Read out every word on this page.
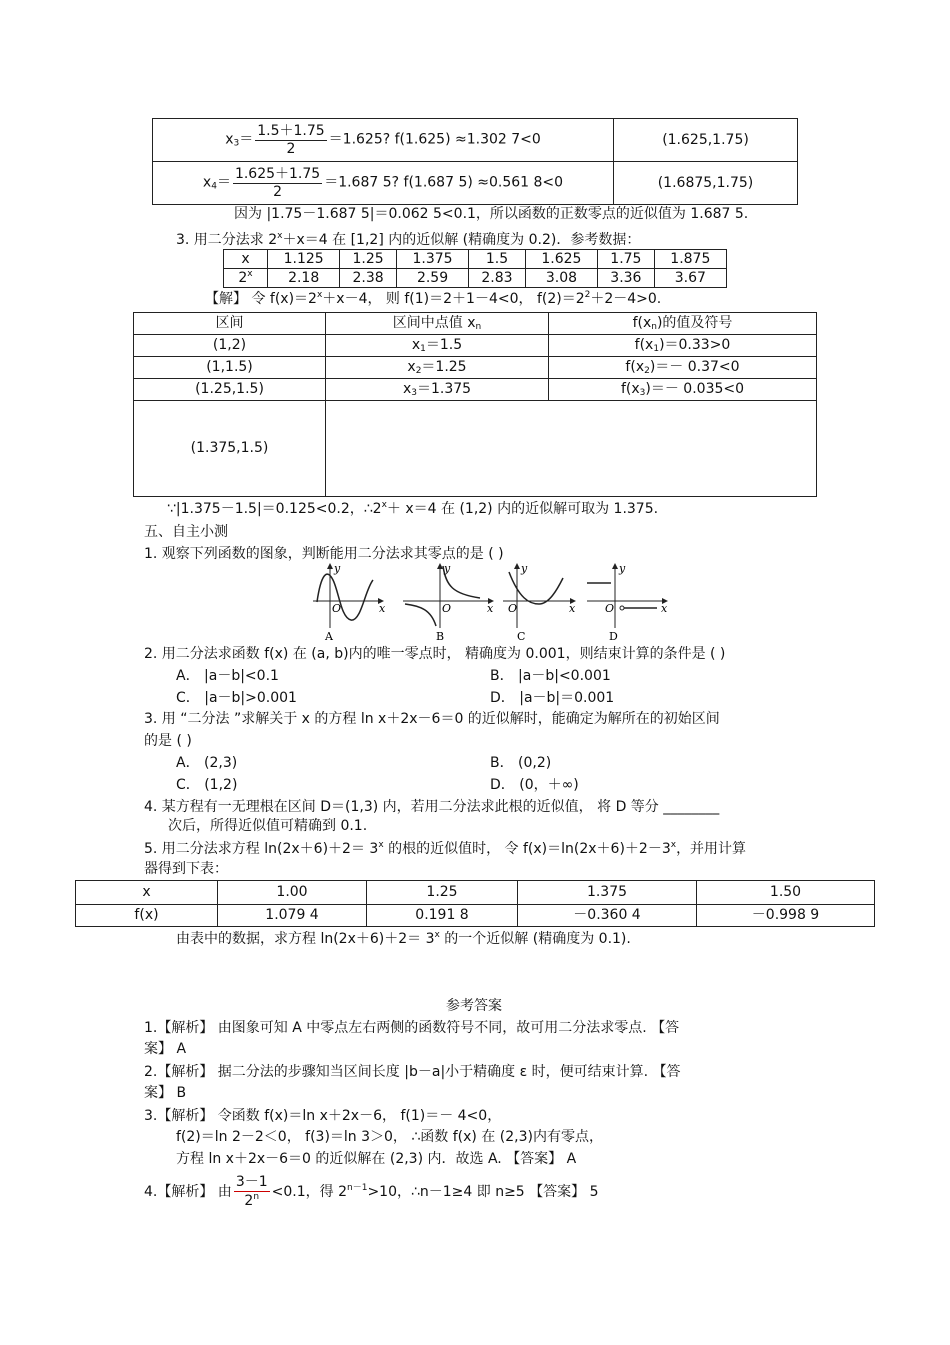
$x_3= \frac{1.5+1.75}{2} =1.625$? f(1.625) ≈1.302 7<0	(1.625,1.75)
$x_4= \frac{1.625+1.75}{2} =1.687$ 5? f(1.687 5) ≈0.561 8<0	(1.6875,1.75)
因为 |1.75－1.687 5|＝0.062 5<0.1，所以函数的正数零点的近似值为 1.687 5.
3. 用二分法求 $2^x+x=4$ 在 [1,2] 内的近似解 (精确度为 0.2)．参考数据：
x	1.125	1.25	1.375	1.5	1.625	1.75	1.875
2$^x$	2.18	2.38	2.59	2.83	3.08	3.36	3.67
【解】 令 $f(x)=2^x+x-4$， 则 f(1)＝2＋1－4<0， $f(2)=2^2+2-4>0$.
区间	区间中点值 $x_n$	$f(x_n)$的值及符号
(1,2)	$x_1=1.5$	$f(x_1)=0.33>0$
(1,1.5)	$x_2=1.25$	$f(x_2)=- 0.37<0$
(1.25,1.5)	$x_3=1.375$	$f(x_3)=- 0.035<0$
(1.375,1.5)		
∵|1.375－1.5|＝0.125<0.2，$\therefore 2^x+ x=4$ 在 (1,2) 内的近似解可取为 1.375.
五、自主小测
1. 观察下列函数的图象，判断能用二分法求其零点的是 ( )
y
x
O
A
y
x
O
B
y
x
O
C
y
x
O
D
2. 用二分法求函数 f(x) 在 (a, b)内的唯一零点时， 精确度为 0.001，则结束计算的条件是 ( )
A． |a－b|<0.1	B． |a－b|<0.001
C． |a－b|>0.001	D． |a－b|＝0.001
3. 用 “二分法 ”求解关于 x 的方程 ln x＋2x－6＝0 的近似解时，能确定为解所在的初始区间
的是 ( )
A． (2,3)	B． (0,2)
C． (1,2)	D． (0，＋∞)
4. 某方程有一无理根在区间 D＝(1,3) 内，若用二分法求此根的近似值， 将 D 等分 ________
次后，所得近似值可精确到 0.1.
5. 用二分法求方程 $\ln(2x+6)+2= 3^x$ 的根的近似值时， 令 $f(x)=\ln(2x+6)+2-3^x$，并用计算
器得到下表：
x	1.00	1.25	1.375	1.50
f(x)	1.079 4	0.191 8	－0.360 4	－0.998 9
由表中的数据，求方程 $\ln(2x+6)+2= 3^x$ 的一个近似解 (精确度为 0.1).
参考答案
1.【解析】 由图象可知 A 中零点左右两侧的函数符号不同，故可用二分法求零点. 【答
案】 A
2.【解析】 据二分法的步骤知当区间长度 |b－a|小于精确度 ε 时，便可结束计算. 【答
案】 B
3.【解析】 令函数 f(x)＝ln x＋2x－6， f(1)＝－ 4<0，
f(2)＝ln 2－2＜0， f(3)＝ln 3＞0， ∴函数 f(x) 在 (2,3)内有零点，
方程 ln x＋2x－6＝0 的近似解在 (2,3) 内．故选 A. 【答案】 A
4.【解析】 由 $\frac{3-1}{2^n} <0.1$，得 $2^{n-1}>10$，∴n－1≥4 即 n≥5 【答案】 5
